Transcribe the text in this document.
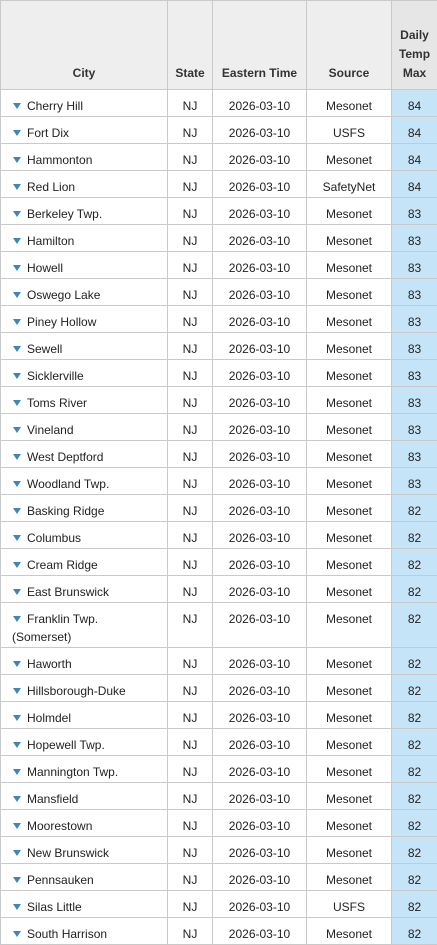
City	State	Eastern Time	Source	Daily
Temp
Max
Cherry Hill	NJ	2026-03-10	Mesonet	84
Fort Dix	NJ	2026-03-10	USFS	84
Hammonton	NJ	2026-03-10	Mesonet	84
Red Lion	NJ	2026-03-10	SafetyNet	84
Berkeley Twp.	NJ	2026-03-10	Mesonet	83
Hamilton	NJ	2026-03-10	Mesonet	83
Howell	NJ	2026-03-10	Mesonet	83
Oswego Lake	NJ	2026-03-10	Mesonet	83
Piney Hollow	NJ	2026-03-10	Mesonet	83
Sewell	NJ	2026-03-10	Mesonet	83
Sicklerville	NJ	2026-03-10	Mesonet	83
Toms River	NJ	2026-03-10	Mesonet	83
Vineland	NJ	2026-03-10	Mesonet	83
West Deptford	NJ	2026-03-10	Mesonet	83
Woodland Twp.	NJ	2026-03-10	Mesonet	83
Basking Ridge	NJ	2026-03-10	Mesonet	82
Columbus	NJ	2026-03-10	Mesonet	82
Cream Ridge	NJ	2026-03-10	Mesonet	82
East Brunswick	NJ	2026-03-10	Mesonet	82
Franklin Twp.
(Somerset)	NJ	2026-03-10	Mesonet	82
Haworth	NJ	2026-03-10	Mesonet	82
Hillsborough-Duke	NJ	2026-03-10	Mesonet	82
Holmdel	NJ	2026-03-10	Mesonet	82
Hopewell Twp.	NJ	2026-03-10	Mesonet	82
Mannington Twp.	NJ	2026-03-10	Mesonet	82
Mansfield	NJ	2026-03-10	Mesonet	82
Moorestown	NJ	2026-03-10	Mesonet	82
New Brunswick	NJ	2026-03-10	Mesonet	82
Pennsauken	NJ	2026-03-10	Mesonet	82
Silas Little	NJ	2026-03-10	USFS	82
South Harrison	NJ	2026-03-10	Mesonet	82
